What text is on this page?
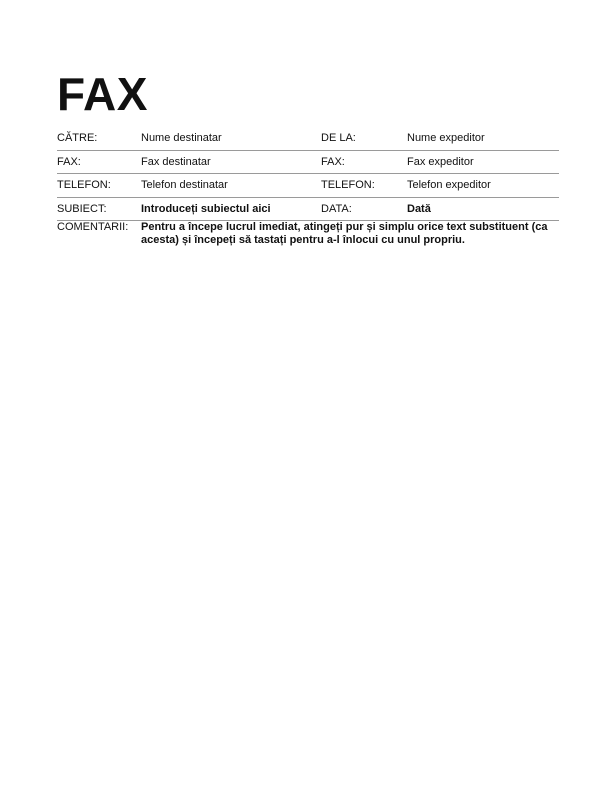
FAX
CĂTRE:	Nume destinatar	DE LA:	Nume expeditor
FAX:	Fax destinatar	FAX:	Fax expeditor
TELEFON:	Telefon destinatar	TELEFON:	Telefon expeditor
SUBIECT:	Introduceți subiectul aici	DATA:	Dată
COMENTARII: Pentru a începe lucrul imediat, atingeți pur și simplu orice text substituent (ca acesta) și începeți să tastați pentru a-l înlocui cu unul propriu.
